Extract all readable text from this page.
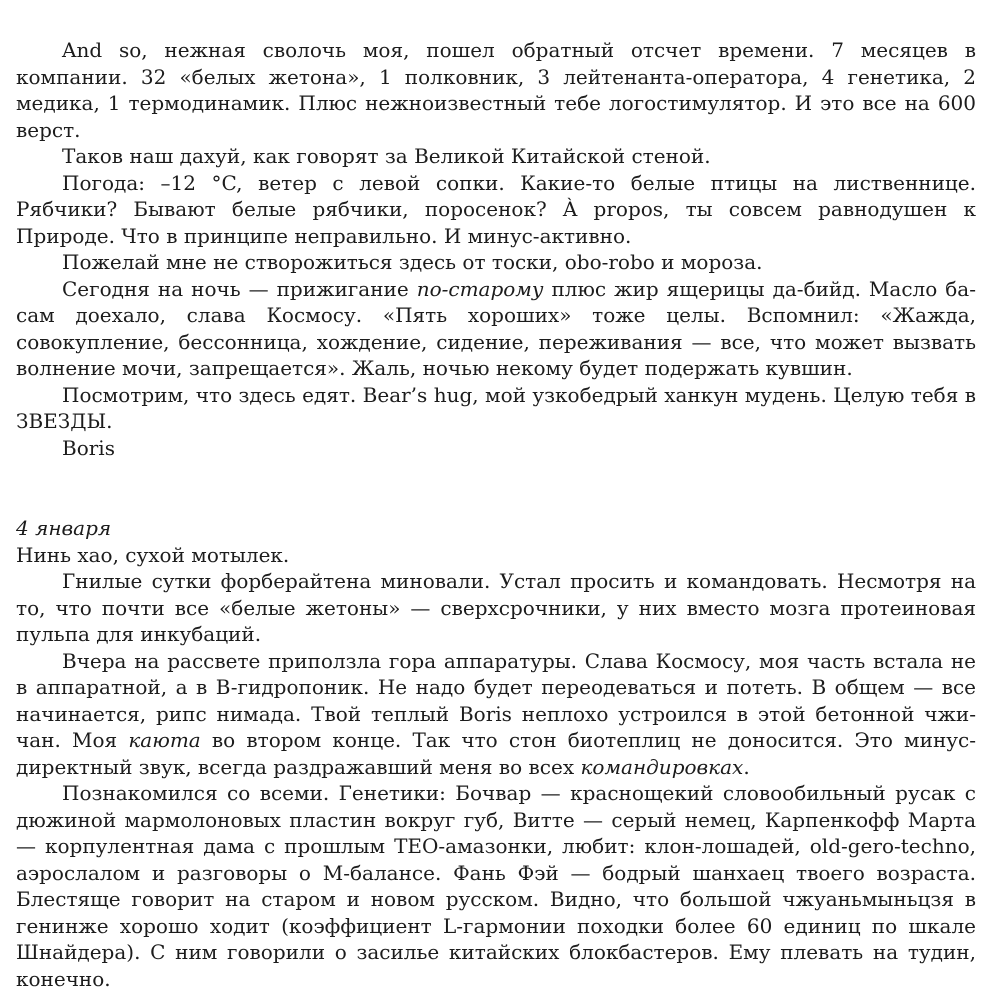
And so, нежная сволочь моя, пошел обратный отсчет времени. 7 месяцев в компании. 32 «белых жетона», 1 полковник, 3 лейтенанта-оператора, 4 генетика, 2 медика, 1 термодинамик. Плюс нежноизвестный тебе логостимулятор. И это все на 600 верст.

Таков наш дахуй, как говорят за Великой Китайской стеной.

Погода: –12 °C, ветер с левой сопки. Какие-то белые птицы на лиственнице. Рябчики? Бывают белые рябчики, поросенок? À propos, ты совсем равнодушен к Природе. Что в принципе неправильно. И минус-активно.

Пожелай мне не створожиться здесь от тоски, obo-robo и мороза.

Сегодня на ночь — прижигание по-старому плюс жир ящерицы да-бийд. Масло ба-сам доехало, слава Космосу. «Пять хороших» тоже целы. Вспомнил: «Жажда, совокупление, бессонница, хождение, сидение, переживания — все, что может вызвать волнение мочи, запрещается». Жаль, ночью некому будет подержать кувшин.

Посмотрим, что здесь едят. Bear’s hug, мой узкобедрый ханкун мудень. Целую тебя в ЗВЕЗДЫ.

Boris

4 января

Нинь хао, сухой мотылек.

Гнилые сутки форберайтена миновали. Устал просить и командовать. Несмотря на то, что почти все «белые жетоны» — сверхсрочники, у них вместо мозга протеиновая пульпа для инкубаций.

Вчера на рассвете приползла гора аппаратуры. Слава Космосу, моя часть встала не в аппаратной, а в B-гидропоник. Не надо будет переодеваться и потеть. В общем — все начинается, рипс нимада. Твой теплый Boris неплохо устроился в этой бетонной чжи-чан. Моя каюта во втором конце. Так что стон биотеплиц не доносится. Это минус-директный звук, всегда раздражавший меня во всех командировках.

Познакомился со всеми. Генетики: Бочвар — краснощекий словообильный русак с дюжиной мармолоновых пластин вокруг губ, Витте — серый немец, Карпенкофф Марта — корпулентная дама с прошлым ТЕО-амазонки, любит: клон-лошадей, old-gero-techno, аэрослалом и разговоры о M-балансе. Фань Фэй — бодрый шанхаец твоего возраста. Блестяще говорит на старом и новом русском. Видно, что большой чжуаньмыньцзя в генинже хорошо ходит (коэффициент L-гармонии походки более 60 единиц по шкале Шнайдера). С ним говорили о засилье китайских блокбастеров. Ему плевать на тудин, конечно.
